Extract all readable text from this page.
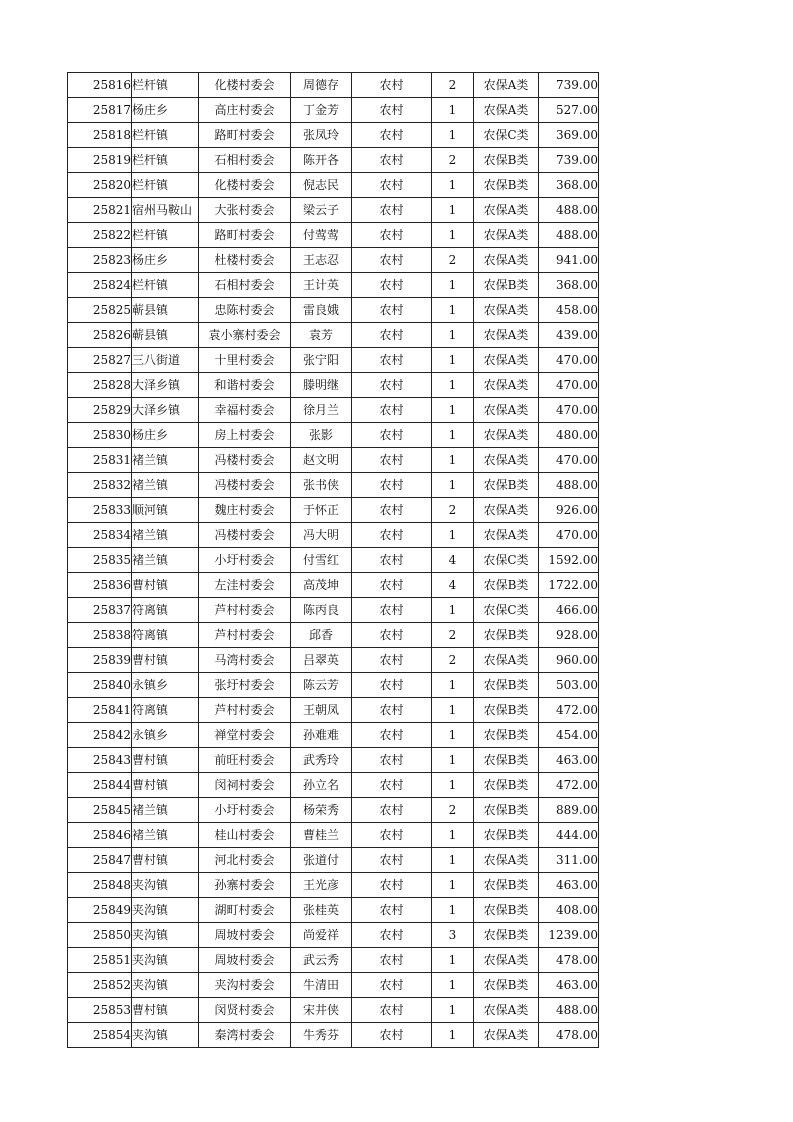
25816	栏杆镇	化楼村委会	周德存	农村	2	农保A类	739.00
25817	杨庄乡	高庄村委会	丁金芳	农村	1	农保A类	527.00
25818	栏杆镇	路町村委会	张凤玲	农村	1	农保C类	369.00
25819	栏杆镇	石相村委会	陈开各	农村	2	农保B类	739.00
25820	栏杆镇	化楼村委会	倪志民	农村	1	农保B类	368.00
25821	宿州马鞍山	大张村委会	梁云子	农村	1	农保A类	488.00
25822	栏杆镇	路町村委会	付莺莺	农村	1	农保A类	488.00
25823	杨庄乡	杜楼村委会	王志忍	农村	2	农保A类	941.00
25824	栏杆镇	石相村委会	王计英	农村	1	农保B类	368.00
25825	蕲县镇	忠陈村委会	雷良娥	农村	1	农保A类	458.00
25826	蕲县镇	袁小寨村委会	袁芳	农村	1	农保A类	439.00
25827	三八街道	十里村委会	张宁阳	农村	1	农保A类	470.00
25828	大泽乡镇	和谐村委会	滕明继	农村	1	农保A类	470.00
25829	大泽乡镇	幸福村委会	徐月兰	农村	1	农保A类	470.00
25830	杨庄乡	房上村委会	张影	农村	1	农保A类	480.00
25831	褚兰镇	冯楼村委会	赵文明	农村	1	农保A类	470.00
25832	褚兰镇	冯楼村委会	张书侠	农村	1	农保B类	488.00
25833	顺河镇	魏庄村委会	于怀正	农村	2	农保A类	926.00
25834	褚兰镇	冯楼村委会	冯大明	农村	1	农保A类	470.00
25835	褚兰镇	小圩村委会	付雪红	农村	4	农保C类	1592.00
25836	曹村镇	左洼村委会	高茂坤	农村	4	农保B类	1722.00
25837	符离镇	芦村村委会	陈丙良	农村	1	农保C类	466.00
25838	符离镇	芦村村委会	邱香	农村	2	农保B类	928.00
25839	曹村镇	马湾村委会	吕翠英	农村	2	农保A类	960.00
25840	永镇乡	张圩村委会	陈云芳	农村	1	农保B类	503.00
25841	符离镇	芦村村委会	王朝凤	农村	1	农保B类	472.00
25842	永镇乡	禅堂村委会	孙难难	农村	1	农保B类	454.00
25843	曹村镇	前旺村委会	武秀玲	农村	1	农保B类	463.00
25844	曹村镇	闵祠村委会	孙立名	农村	1	农保B类	472.00
25845	褚兰镇	小圩村委会	杨荣秀	农村	2	农保B类	889.00
25846	褚兰镇	桂山村委会	曹桂兰	农村	1	农保B类	444.00
25847	曹村镇	河北村委会	张道付	农村	1	农保A类	311.00
25848	夹沟镇	孙寨村委会	王光彦	农村	1	农保B类	463.00
25849	夹沟镇	湖町村委会	张桂英	农村	1	农保B类	408.00
25850	夹沟镇	周坡村委会	尚爱祥	农村	3	农保B类	1239.00
25851	夹沟镇	周坡村委会	武云秀	农村	1	农保A类	478.00
25852	夹沟镇	夹沟村委会	牛清田	农村	1	农保B类	463.00
25853	曹村镇	闵贤村委会	宋井侠	农村	1	农保A类	488.00
25854	夹沟镇	秦湾村委会	牛秀芬	农村	1	农保A类	478.00
